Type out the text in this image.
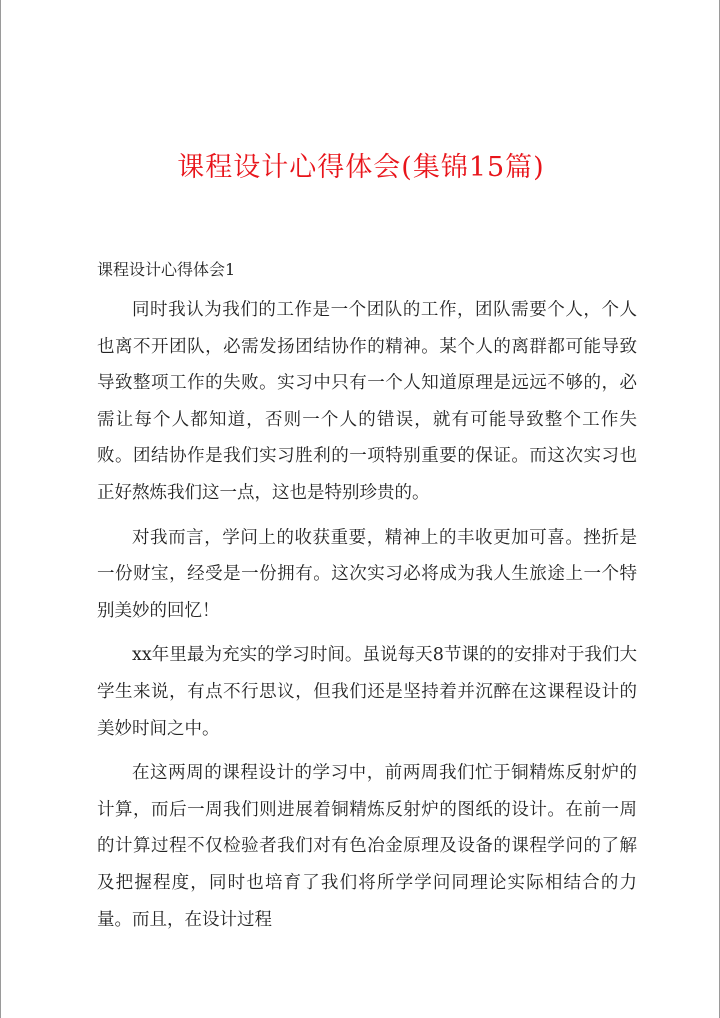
课程设计心得体会(集锦15篇)
课程设计心得体会1

同时我认为我们的工作是一个团队的工作，团队需要个人，个人也离不开团队，必需发扬团结协作的精神。某个人的离群都可能导致导致整项工作的失败。实习中只有一个人知道原理是远远不够的，必需让每个人都知道，否则一个人的错误，就有可能导致整个工作失败。团结协作是我们实习胜利的一项特别重要的保证。而这次实习也正好熬炼我们这一点，这也是特别珍贵的。

对我而言，学问上的收获重要，精神上的丰收更加可喜。挫折是一份财宝，经受是一份拥有。这次实习必将成为我人生旅途上一个特别美妙的回忆！

xx年里最为充实的学习时间。虽说每天8节课的的安排对于我们大学生来说，有点不行思议，但我们还是坚持着并沉醉在这课程设计的美妙时间之中。

在这两周的课程设计的学习中，前两周我们忙于铜精炼反射炉的计算，而后一周我们则进展着铜精炼反射炉的图纸的设计。在前一周的计算过程不仅检验者我们对有色冶金原理及设备的课程学问的了解及把握程度，同时也培育了我们将所学学问同理论实际相结合的力量。而且，在设计过程
